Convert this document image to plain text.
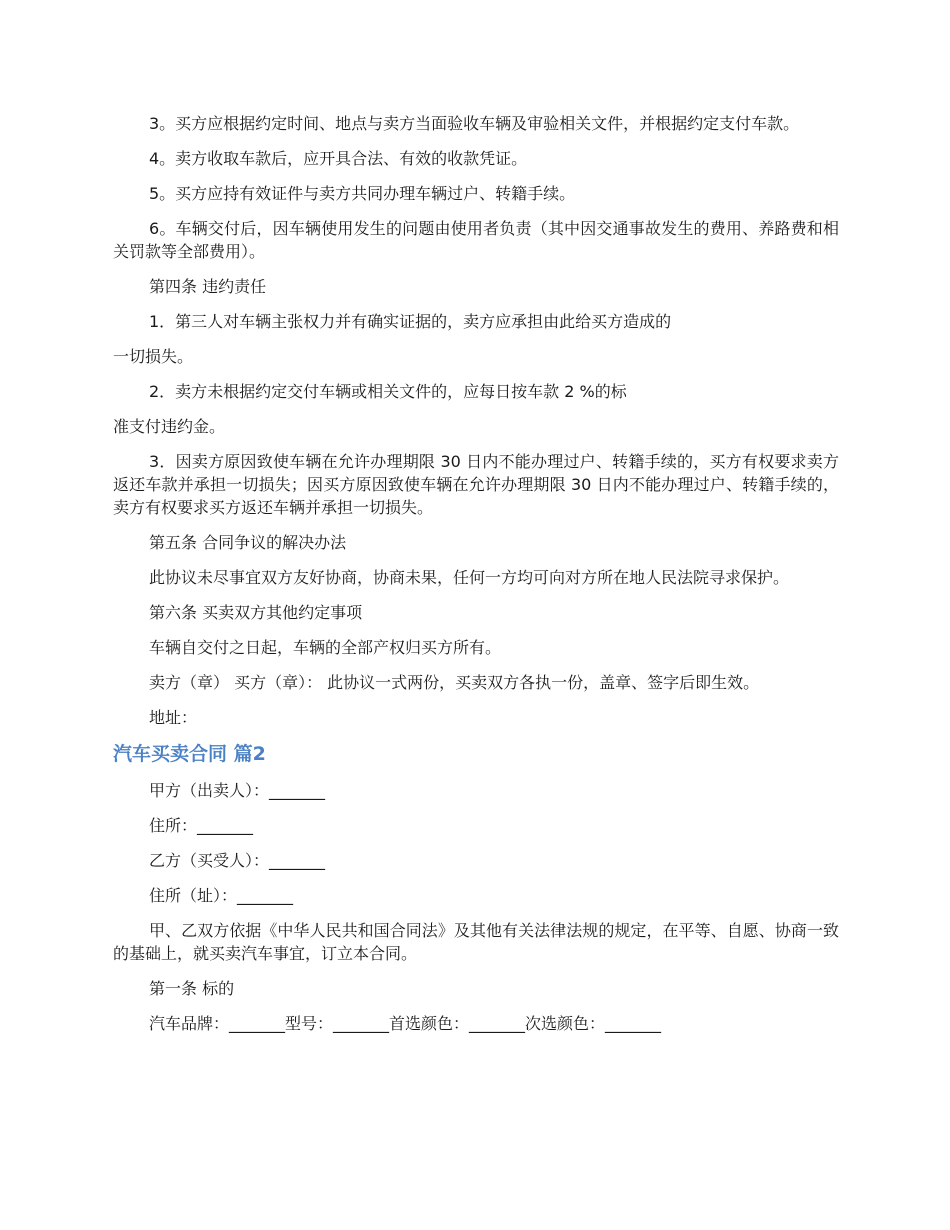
3。买方应根据约定时间、地点与卖方当面验收车辆及审验相关文件，并根据约定支付车款。

4。卖方收取车款后，应开具合法、有效的收款凭证。

5。买方应持有效证件与卖方共同办理车辆过户、转籍手续。

6。车辆交付后，因车辆使用发生的问题由使用者负责（其中因交通事故发生的费用、养路费和相关罚款等全部费用）。

第四条 违约责任

1．第三人对车辆主张权力并有确实证据的，卖方应承担由此给买方造成的

一切损失。

2．卖方未根据约定交付车辆或相关文件的，应每日按车款 2 %的标

准支付违约金。

3．因卖方原因致使车辆在允许办理期限 30 日内不能办理过户、转籍手续的，买方有权要求卖方返还车款并承担一切损失；因买方原因致使车辆在允许办理期限 30 日内不能办理过户、转籍手续的，卖方有权要求买方返还车辆并承担一切损失。

第五条 合同争议的解决办法

此协议未尽事宜双方友好协商，协商未果，任何一方均可向对方所在地人民法院寻求保护。

第六条 买卖双方其他约定事项

车辆自交付之日起，车辆的全部产权归买方所有。

卖方（章） 买方（章）： 此协议一式两份，买卖双方各执一份，盖章、签字后即生效。

地址：

汽车买卖合同 篇2

甲方（出卖人）：_______

住所：_______

乙方（买受人）：_______

住所（址）：_______

甲、乙双方依据《中华人民共和国合同法》及其他有关法律法规的规定，在平等、自愿、协商一致的基础上，就买卖汽车事宜，订立本合同。

第一条 标的

汽车品牌：_______型号：_______首选颜色：_______次选颜色：_______
